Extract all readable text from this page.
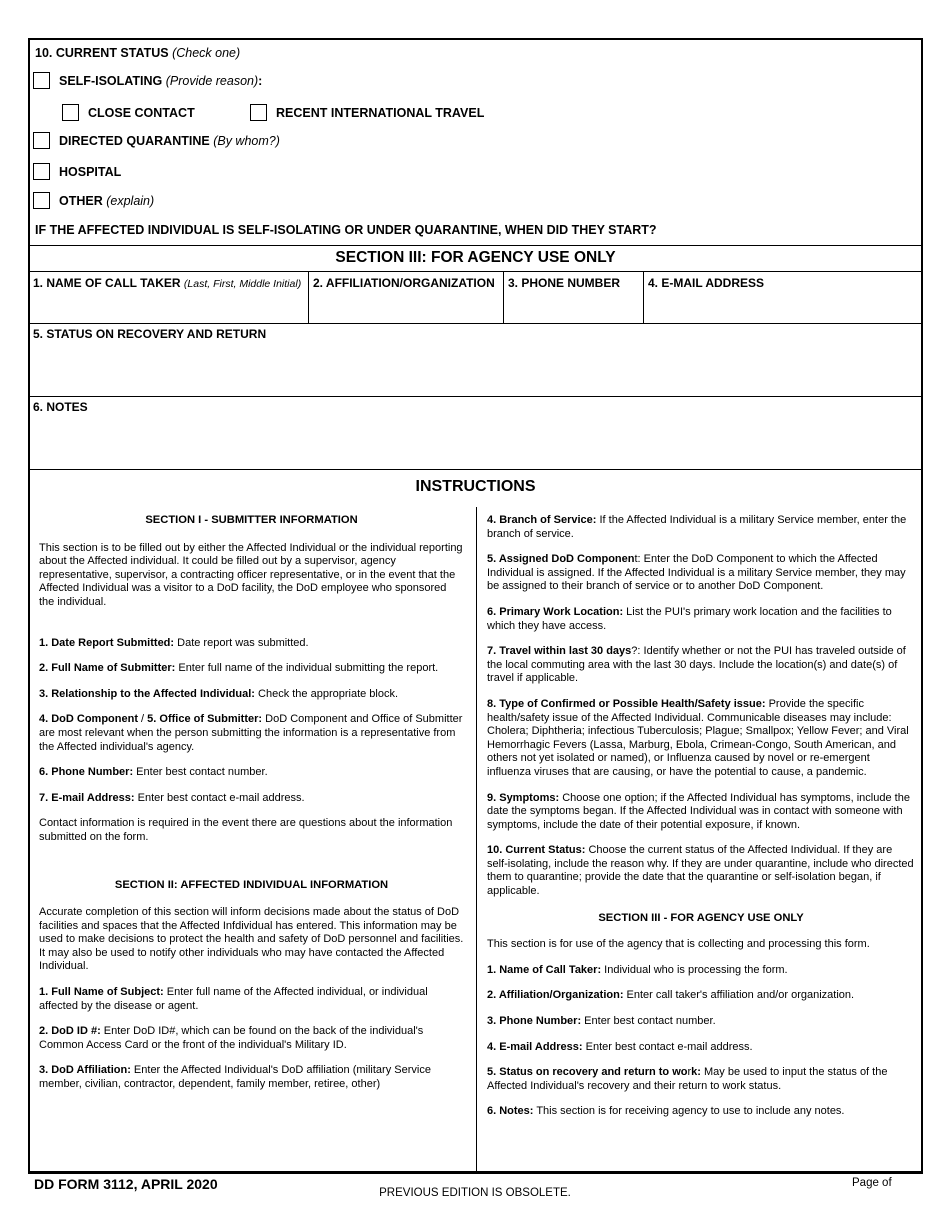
10. CURRENT STATUS (Check one)
SELF-ISOLATING
(Provide reason) :
CLOSE CONTACT	RECENT INTERNATIONAL TRAVEL
DIRECTED QUARANTINE
(By whom?)
HOSPITAL
OTHER
(explain)
IF THE AFFECTED INDIVIDUAL IS SELF-ISOLATING OR UNDER QUARANTINE, WHEN DID THEY START?
SECTION III: FOR AGENCY USE ONLY
1. NAME OF CALL TAKER (Last, First, Middle Initial) 2. AFFILIATION/ORGANIZATION 3. PHONE NUMBER 4. E-MAIL ADDRESS
5. STATUS ON RECOVERY AND RETURN
6. NOTES
INSTRUCTIONS

SECTION I - SUBMITTER INFORMATION

This section is to be filled out by either the Affected Individual or the individual reporting about the Affected individual. It could be filled out by a supervisor, agency representative, supervisor, a contracting officer representative, or in the event that the Affected Individual was a visitor to a DoD facility, the DoD employee who sponsored the individual.

1. Date Report Submitted: Date report was submitted.

2. Full Name of Submitter: Enter full name of the individual submitting the report.

3. Relationship to the Affected Individual: Check the appropriate block.

4. DoD Component / 5. Office of Submitter: DoD Component and Office of Submitter are most relevant when the person submitting the information is a representative from the Affected individual's agency.

6. Phone Number: Enter best contact number.

7. E-mail Address: Enter best contact e-mail address.

Contact information is required in the event there are questions about the information submitted on the form.

SECTION II: AFFECTED INDIVIDUAL INFORMATION

Accurate completion of this section will inform decisions made about the status of DoD facilities and spaces that the Affected Infdividual has entered. This information may be used to make decisions to protect the health and safety of DoD personnel and facilities. It may also be used to notify other individuals who may have contacted the Affected Individual.

1. Full Name of Subject: Enter full name of the Affected individual, or individual affected by the disease or agent.

2. DoD ID #: Enter DoD ID#, which can be found on the back of the individual's Common Access Card or the front of the individual's Military ID.

3. DoD Affiliation: Enter the Affected Individual's DoD affiliation (military Service member, civilian, contractor, dependent, family member, retiree, other)

4. Branch of Service: If the Affected Individual is a military Service member, enter the branch of service.

5. Assigned DoD Component: Enter the DoD Component to which the Affected Individual is assigned. If the Affected Individual is a military Service member, they may be assigned to their branch of service or to another DoD Component.

6. Primary Work Location: List the PUI's primary work location and the facilities to which they have access.

7. Travel within last 30 days?: Identify whether or not the PUI has traveled outside of the local commuting area with the last 30 days. Include the location(s) and date(s) of travel if applicable.

8. Type of Confirmed or Possible Health/Safety issue: Provide the specific health/safety issue of the Affected Individual. Communicable diseases may include: Cholera; Diphtheria; infectious Tuberculosis; Plague; Smallpox; Yellow Fever; and Viral Hemorrhagic Fevers (Lassa, Marburg, Ebola, Crimean-Congo, South American, and others not yet isolated or named), or Influenza caused by novel or re-emergent influenza viruses that are causing, or have the potential to cause, a pandemic.

9. Symptoms: Choose one option; if the Affected Individual has symptoms, include the date the symptoms began. If the Affected Individual was in contact with someone with symptoms, include the date of their potential exposure, if known.

10. Current Status: Choose the current status of the Affected Individual. If they are self-isolating, include the reason why. If they are under quarantine, include who directed them to quarantine; provide the date that the quarantine or self-isolation began, if applicable.

SECTION III - FOR AGENCY USE ONLY

This section is for use of the agency that is collecting and processing this form.

1. Name of Call Taker: Individual who is processing the form.

2. Affiliation/Organization: Enter call taker's affiliation and/or organization.

3. Phone Number: Enter best contact number.

4. E-mail Address: Enter best contact e-mail address.

5. Status on recovery and return to work: May be used to input the status of the Affected Individual's recovery and their return to work status.

6. Notes: This section is for receiving agency to use to include any notes.

DD FORM 3112, APRIL 2020
PREVIOUS EDITION IS OBSOLETE.
Page of
